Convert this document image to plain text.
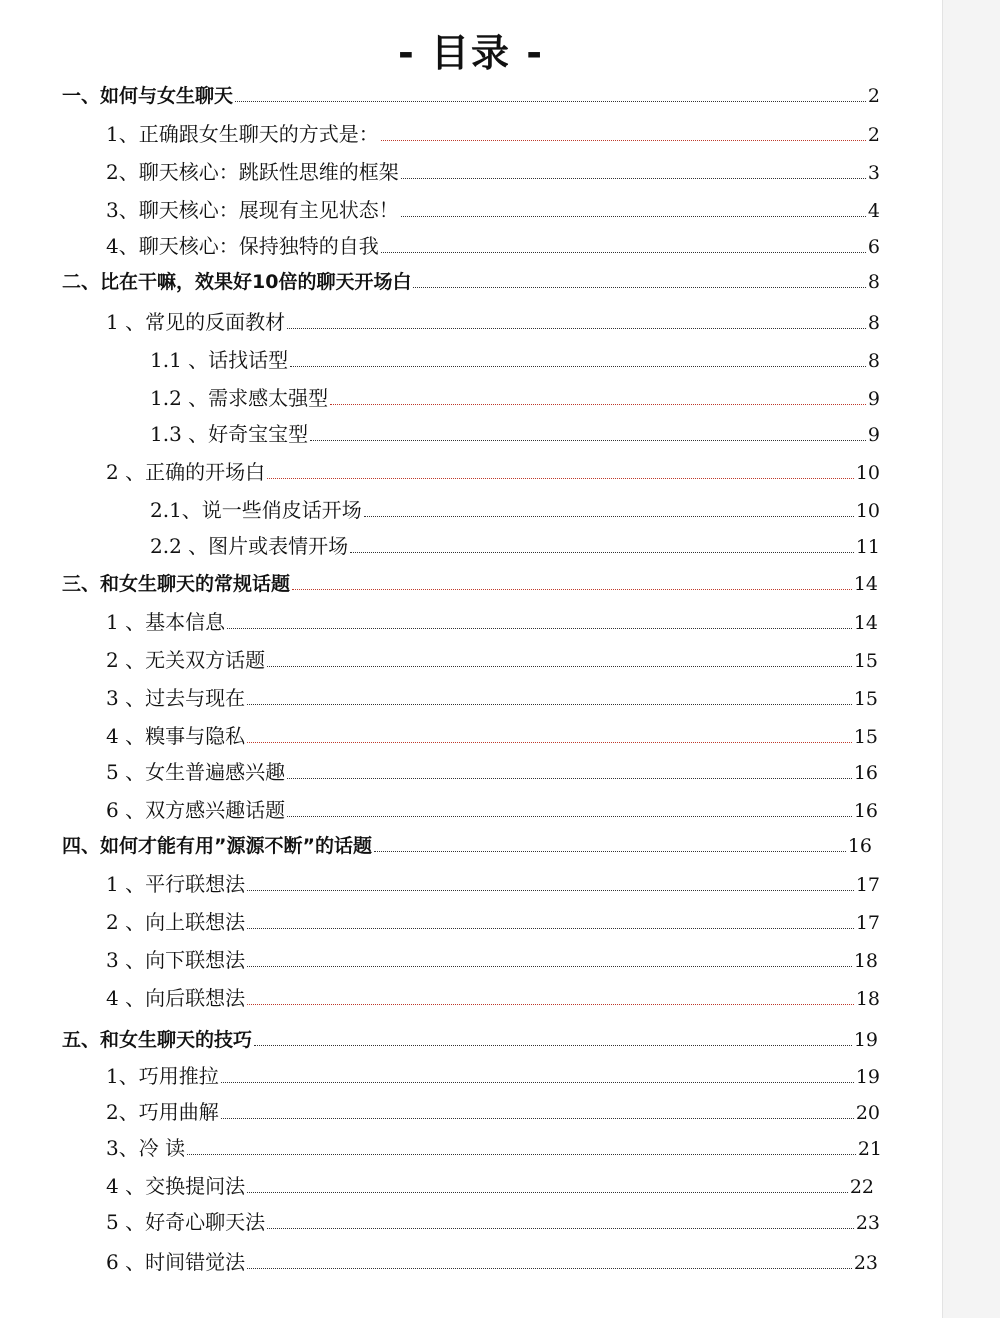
- 目录 -
一、如何与女生聊天	2
1、正确跟女生聊天的方式是：	2
2、聊天核心：跳跃性思维的框架	3
3、聊天核心：展现有主见状态！	4
4、聊天核心：保持独特的自我	6
二、比在干嘛，效果好10倍的聊天开场白	8
1 、常见的反面教材	8
1.1 、话找话型	8
1.2 、需求感太强型	9
1.3 、好奇宝宝型	9
2 、正确的开场白	10
2.1、说一些俏皮话开场	10
2.2 、图片或表情开场	11
三、和女生聊天的常规话题	14
1 、基本信息	14
2 、无关双方话题	15
3 、过去与现在	15
4 、糗事与隐私	15
5 、女生普遍感兴趣	16
6 、双方感兴趣话题	16
四、如何才能有用”源源不断”的话题	16
1 、平行联想法	17
2 、向上联想法	17
3 、向下联想法	18
4 、向后联想法	18
五、和女生聊天的技巧	19
1、巧用推拉	19
2、巧用曲解	20
3、冷 读	21
4 、交换提问法	22
5 、好奇心聊天法	23
6 、时间错觉法	23
